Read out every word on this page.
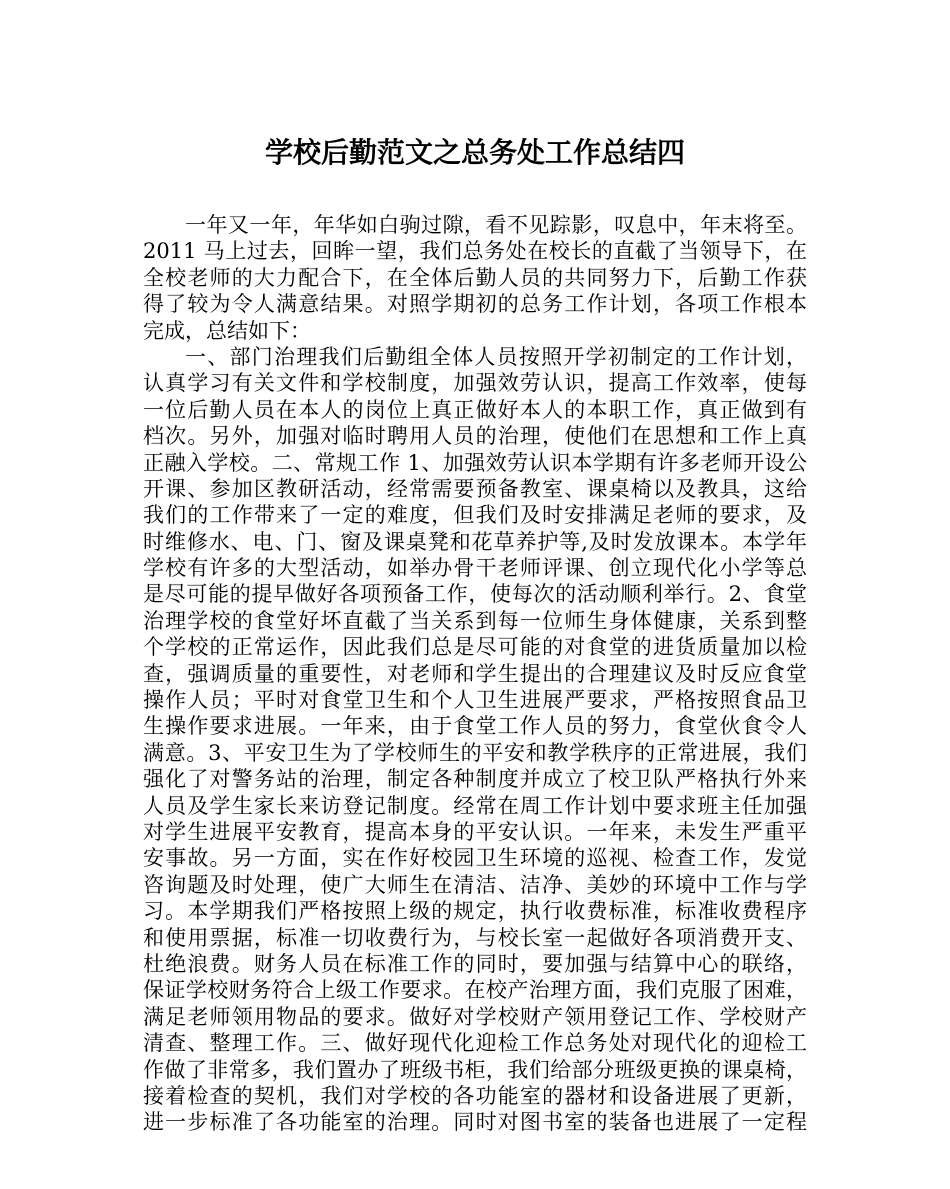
学校后勤范文之总务处工作总结四
一年又一年，年华如白驹过隙，看不见踪影，叹息中，年末将至。
2011 马上过去，回眸一望，我们总务处在校长的直截了当领导下，在
全校老师的大力配合下，在全体后勤人员的共同努力下，后勤工作获
得了较为令人满意结果。对照学期初的总务工作计划，各项工作根本
完成，总结如下：
一、部门治理我们后勤组全体人员按照开学初制定的工作计划，
认真学习有关文件和学校制度，加强效劳认识，提高工作效率，使每
一位后勤人员在本人的岗位上真正做好本人的本职工作，真正做到有
档次。另外，加强对临时聘用人员的治理，使他们在思想和工作上真
正融入学校。二、常规工作 1、加强效劳认识本学期有许多老师开设公
开课、参加区教研活动，经常需要预备教室、课桌椅以及教具，这给
我们的工作带来了一定的难度，但我们及时安排满足老师的要求，及
时维修水、电、门、窗及课桌凳和花草养护等,及时发放课本。本学年
学校有许多的大型活动，如举办骨干老师评课、创立现代化小学等总
是尽可能的提早做好各项预备工作，使每次的活动顺利举行。2、食堂
治理学校的食堂好坏直截了当关系到每一位师生身体健康，关系到整
个学校的正常运作，因此我们总是尽可能的对食堂的进货质量加以检
查，强调质量的重要性，对老师和学生提出的合理建议及时反应食堂
操作人员；平时对食堂卫生和个人卫生进展严要求，严格按照食品卫
生操作要求进展。一年来，由于食堂工作人员的努力，食堂伙食令人
满意。3、平安卫生为了学校师生的平安和教学秩序的正常进展，我们
强化了对警务站的治理，制定各种制度并成立了校卫队严格执行外来
人员及学生家长来访登记制度。经常在周工作计划中要求班主任加强
对学生进展平安教育，提高本身的平安认识。一年来，未发生严重平
安事故。另一方面，实在作好校园卫生环境的巡视、检查工作，发觉
咨询题及时处理，使广大师生在清洁、洁净、美妙的环境中工作与学
习。本学期我们严格按照上级的规定，执行收费标准，标准收费程序
和使用票据，标准一切收费行为，与校长室一起做好各项消费开支、
杜绝浪费。财务人员在标准工作的同时，要加强与结算中心的联络，
保证学校财务符合上级工作要求。在校产治理方面，我们克服了困难，
满足老师领用物品的要求。做好对学校财产领用登记工作、学校财产
清查、整理工作。三、做好现代化迎检工作总务处对现代化的迎检工
作做了非常多，我们置办了班级书柜，我们给部分班级更换的课桌椅，
接着检查的契机，我们对学校的各功能室的器材和设备进展了更新，
进一步标准了各功能室的治理。同时对图书室的装备也进展了一定程
